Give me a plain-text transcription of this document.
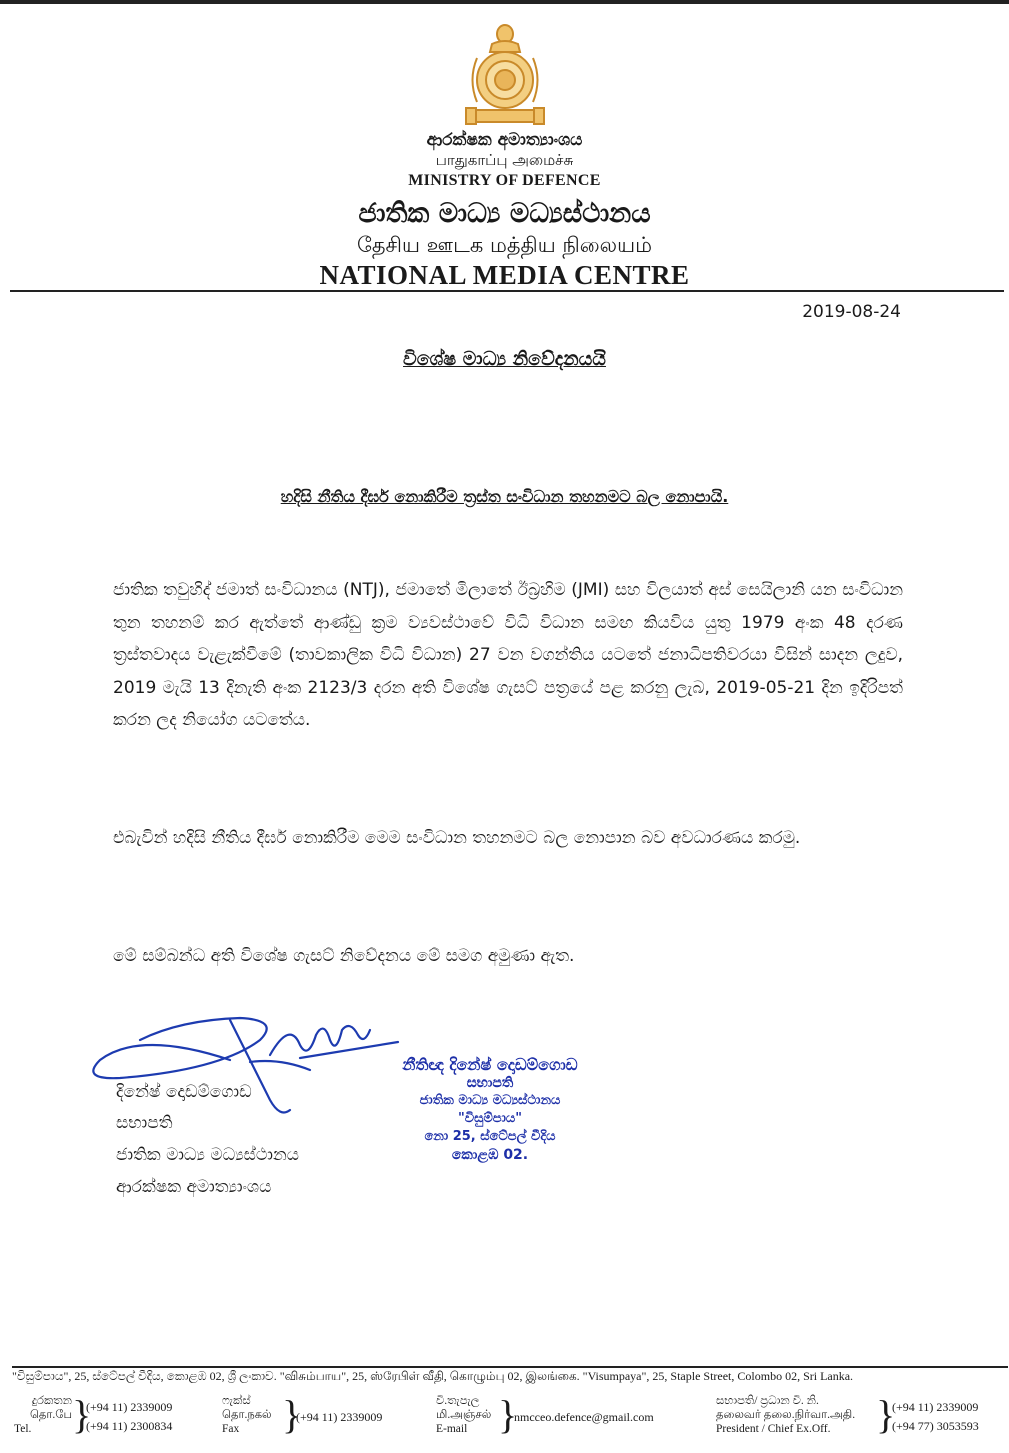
ආරක්ෂක අමාත්‍යාංශය
பாதுகாப்பு அமைச்சு
MINISTRY OF DEFENCE
ජාතික මාධ්‍ය මධ්‍යස්ථානය
தேசிய ஊடக மத்திய நிலையம்
NATIONAL MEDIA CENTRE
2019-08-24
විශේෂ මාධ්‍ය නිවේදනයයි
හදිසි නීතිය දීර්ඝ නොකිරීම ත්‍රස්ත සංවිධාන තහනමට බල නොපායි.

ජාතික තවුහිද් ජමාත් සංවිධානය (NTJ), ජමාතේ මිලාතේ ඊබ්‍රහිම (JMI) සහ විලයාත් අස් සෙයිලානි යන සංවිධාන තුන තහනම් කර ඇත්තේ ආණ්ඩු ක්‍රම ව්‍යවස්ථාවේ විධි විධාන සමඟ කියවිය යුතු 1979 අංක 48 දරණ ත්‍රස්තවාදය වැළැක්වීමේ (තාවකාලික විධි විධාන) 27 වන වගන්තිය යටතේ ජනාධිපතිවරයා විසින් සාදන ලදුව, 2019 මැයි 13 දිනැති අංක 2123/3 දරන අති විශේෂ ගැසට් පත්‍රයේ පළ කරනු ලැබ, 2019-05-21 දින ඉදිරිපත් කරන ලද නියෝග යටතේය.

එබැවින් හදිසි නීතිය දීර්ඝ නොකිරීම මෙම සංවිධාන තහනමට බල නොපාන බව අවධාරණය කරමු.

මේ සම්බන්ධ අති විශේෂ ගැසට් නිවේදනය මේ සමග අමුණා ඇත.

දිනේෂ් දොඩම්ගොඩ
සභාපති
ජාතික මාධ්‍ය මධ්‍යස්ථානය
ආරක්ෂක අමාත්‍යාංශය
නීතිඥ දිනේෂ් දොඩම්ගොඩ
සභාපති
ජාතික මාධ්‍ය මධ්‍යස්ථානය
"විසුම්පාය"
නො 25, ස්ටේපල් වීදිය
කොළඹ 02.
"විසුම්පාය", 25, ස්ටේපල් වීදිය, කොළඹ 02, ශ්‍රී ලංකාව. "விசும்பாய", 25, ஸ்ரேபிள் வீதி, கொழும்பு 02, இலங்கை. "Visumpaya", 25, Staple Street, Colombo 02, Sri Lanka.
දුරකතන
தொ.பே
Tel.	}
(+94 11) 2339009
(+94 11) 2300834
ෆැක්ස්
தொ.நகல்
Fax	}
(+94 11) 2339009
වි.තැපැල
மி.அஞ்சல்
E-mail }
nmcceo.defence@gmail.com
සභාපති/ ප්‍රධාන වි. නි.
தலைவர் தலை.நிர்வா.அதி.
President / Chief Ex.Off.	}
(+94 11) 2339009
(+94 77) 3053593
